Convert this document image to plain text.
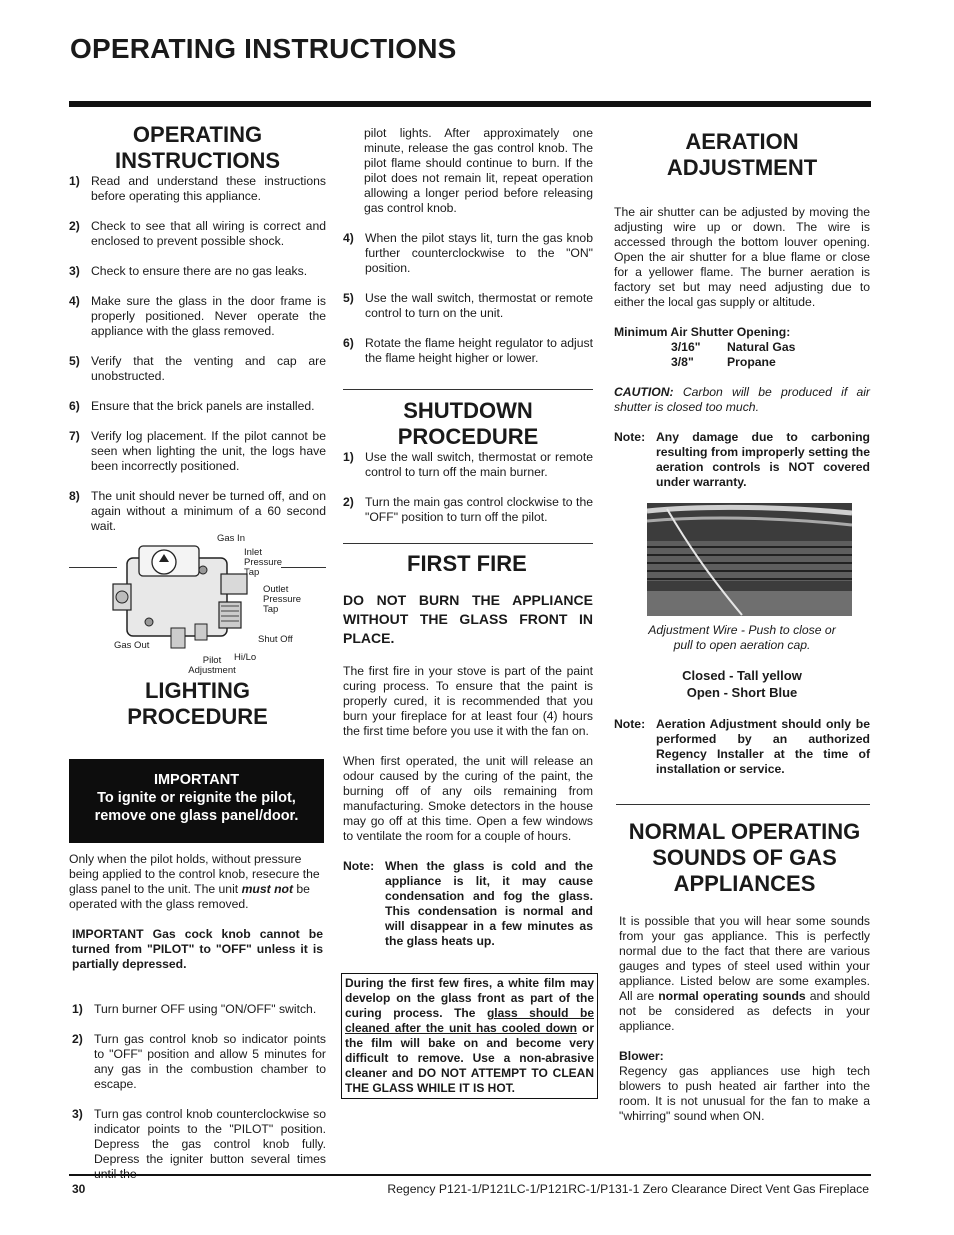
OPERATING INSTRUCTIONS
OPERATING
INSTRUCTIONS
1) Read and understand these instructions before operating this appliance.
2) Check to see that all wiring is correct and enclosed to prevent possible shock.
3) Check to ensure there are no gas leaks.
4) Make sure the glass in the door frame is properly positioned. Never operate the appliance with the glass removed.
5) Verify that the venting and cap are unobstructed.
6) Ensure that the brick panels are installed.
7) Verify log placement. If the pilot cannot be seen when lighting the unit, the logs have been incorrectly positioned.
8) The unit should never be turned off, and on again without a minimum of a 60 second wait.
Gas In
Inlet Pressure Tap
Outlet Pressure Tap
Shut Off
Gas Out
Hi/Lo
Pilot Adjustment
LIGHTING
PROCEDURE
IMPORTANT
To ignite or reignite the pilot,
remove one glass panel/door.
Only when the pilot holds, without pressure being applied to the control knob, resecure the glass panel to the unit. The unit must not be operated with the glass removed.
IMPORTANT Gas cock knob cannot be turned from "PILOT" to "OFF" unless it is partially depressed.
1) Turn burner OFF using "ON/OFF" switch.
2) Turn gas control knob so indicator points to "OFF" position and allow 5 minutes for any gas in the combustion chamber to escape.
3) Turn gas control knob counterclockwise so indicator points to the "PILOT" position. Depress the gas control knob fully. Depress the igniter button several times
pilot lights. After approximately one minute, release the gas control knob. The pilot flame should continue to burn. If the pilot does not remain lit, repeat operation allowing a longer period before releasing gas control knob.
4) When the pilot stays lit, turn the gas knob further counterclockwise to the "ON" position.
5) Use the wall switch, thermostat or remote control to turn on the unit.
6) Rotate the flame height regulator to adjust the flame height higher or lower.
SHUTDOWN
PROCEDURE
1) Use the wall switch, thermostat or remote control to turn off the main burner.
2) Turn the main gas control clockwise to the "OFF" position to turn off the pilot.
FIRST FIRE
DO NOT BURN THE APPLIANCE WITHOUT THE GLASS FRONT IN PLACE.
The first fire in your stove is part of the paint curing process. To ensure that the paint is properly cured, it is recommended that you burn your fireplace for at least four (4) hours the first time before you use it with the fan on.
When first operated, the unit will release an odour caused by the curing of the paint, the burning off of any oils remaining from manufacturing. Smoke detectors in the house may go off at this time. Open a few windows to ventilate the room for a couple of hours.
Note: When the glass is cold and the appliance is lit, it may cause condensation and fog the glass. This condensation is normal and will disappear in a few minutes as the glass heats up.
During the first few fires, a white film may develop on the glass front as part of the curing process. The glass should be cleaned after the unit has cooled down or the film will bake on and become very difficult to remove. Use a non-abrasive cleaner and DO NOT ATTEMPT TO CLEAN THE GLASS WHILE IT IS HOT.
AERATION
ADJUSTMENT
The air shutter can be adjusted by moving the adjusting wire up or down. The wire is accessed through the bottom louver opening. Open the air shutter for a blue flame or close for a yellower flame. The burner aeration is factory set but may need adjusting due to either the local gas supply or altitude.
Minimum Air Shutter Opening:
3/16"	Natural Gas
3/8"	Propane
CAUTION: Carbon will be produced if air shutter is closed too much.
Note: Any damage due to carboning resulting from improperly setting the aeration controls is NOT covered under warranty.
Adjustment Wire - Push to close or
pull to open aeration cap.
Closed - Tall yellow
Open - Short Blue
Note: Aeration Adjustment should only be performed by an authorized Regency Installer at the time of installation or service.
NORMAL OPERATING
SOUNDS OF GAS
APPLIANCES
It is possible that you will hear some sounds from your gas appliance. This is perfectly normal due to the fact that there are various gauges and types of steel used within your appliance. Listed below are some examples. All are normal operating sounds and should not be considered as defects in your appliance.
Blower:
Regency gas appliances use high tech blowers to push heated air farther into the room. It is not unusual for the fan to make a "whirring" sound when ON.
30	Regency P121-1/P121LC-1/P121RC-1/P131-1 Zero Clearance Direct Vent Gas Fireplace
